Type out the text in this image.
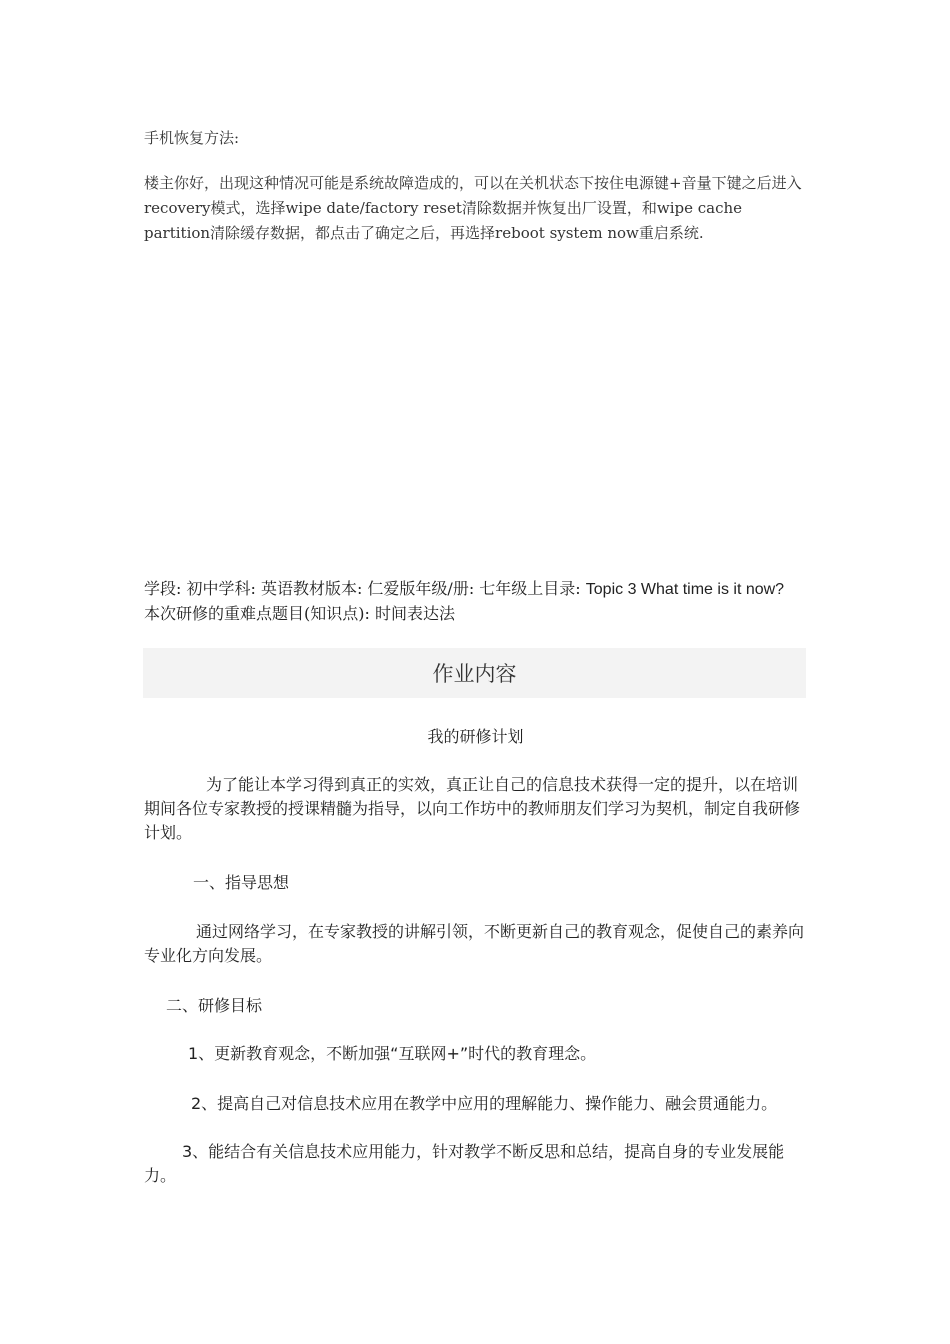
手机恢复方法:
楼主你好，出现这种情况可能是系统故障造成的，可以在关机状态下按住电源键+音量下键之后进入recovery模式，选择wipe date/factory reset清除数据并恢复出厂设置，和wipe cache partition清除缓存数据，都点击了确定之后，再选择reboot system now重启系统.
学段: 初中学科: 英语教材版本: 仁爱版年级/册: 七年级上目录: Topic 3 What time is it now?
本次研修的重难点题目(知识点): 时间表达法
作业内容
我的研修计划
为了能让本学习得到真正的实效，真正让自己的信息技术获得一定的提升，以在培训期间各位专家教授的授课精髓为指导，以向工作坊中的教师朋友们学习为契机，制定自我研修计划。
一、指导思想
通过网络学习，在专家教授的讲解引领，不断更新自己的教育观念，促使自己的素养向专业化方向发展。
二、研修目标
1、更新教育观念，不断加强“互联网+”时代的教育理念。
2、提高自己对信息技术应用在教学中应用的理解能力、操作能力、融会贯通能力。
3、能结合有关信息技术应用能力，针对教学不断反思和总结，提高自身的专业发展能力。
